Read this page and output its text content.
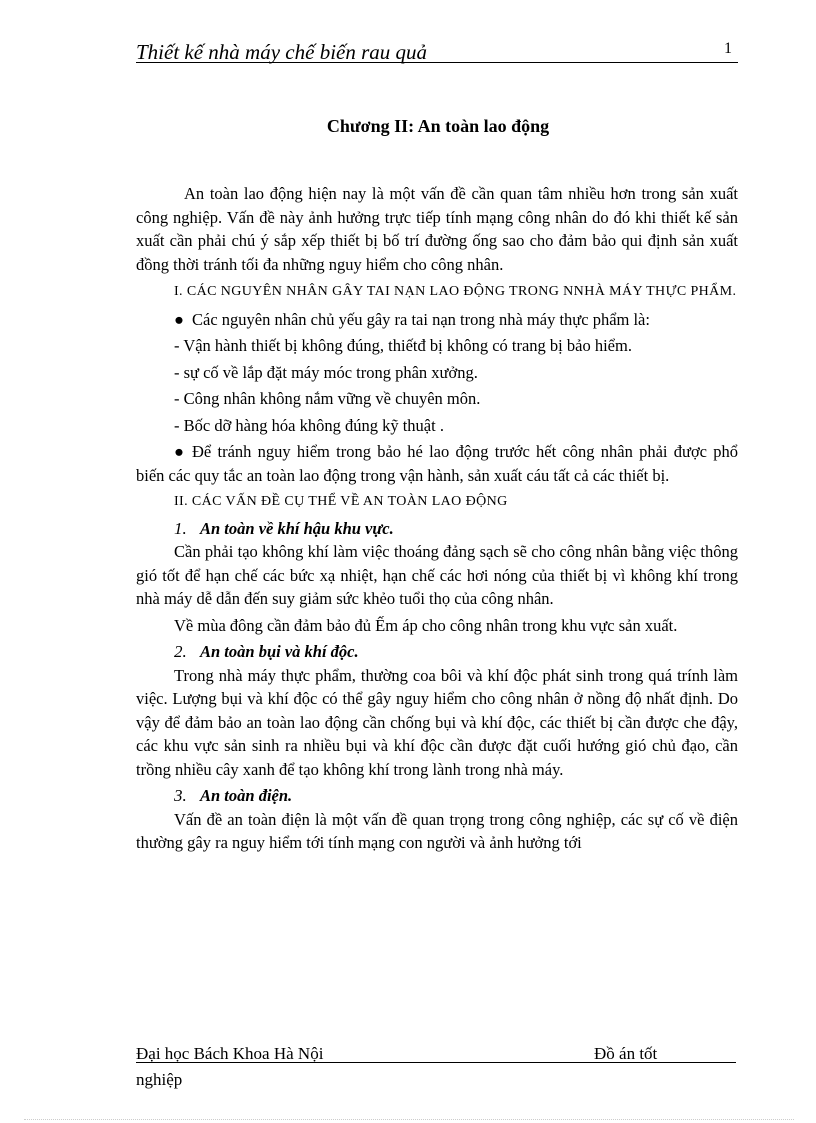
Thiết kế nhà máy chế biến rau quả	1
Chương II: An toàn lao động

An toàn lao động hiện nay là một vấn đề cần quan tâm nhiều hơn trong sản xuất công nghiệp. Vấn đề này ảnh hưởng trực tiếp tính mạng công nhân do đó khi thiết kế sản xuất cần phải chú ý sắp xếp thiết bị bố trí đường ống sao cho đảm bảo qui định sản xuất đồng thời tránh tối đa những nguy hiểm cho công nhân.

I. CÁC NGUYÊN NHÂN GÂY TAI NẠN LAO ĐỘNG TRONG NNHÀ MÁY THỰC PHẨM.

● Các nguyên nhân chủ yếu gây ra tai nạn trong nhà máy thực phẩm là:

- Vận hành thiết bị không đúng, thiếtđ bị không có trang bị bảo hiểm.

- sự cố về lắp đặt máy móc trong phân xưởng.

- Công nhân không nắm vững về chuyên môn.

- Bốc dỡ hàng hóa không đúng kỹ thuật .

● Để tránh nguy hiểm trong bảo hé lao động trước hết công nhân phải được phổ biến các quy tắc an toàn lao động trong vận hành, sản xuất cáu tất cả các thiết bị.

II. CÁC VẤN ĐỀ CỤ THỂ VỀ AN TOÀN LAO ĐỘNG

1. An toàn về khí hậu khu vực.

Cần phải tạo không khí làm việc thoáng đảng sạch sẽ cho công nhân bằng việc thông gió tốt để hạn chế các bức xạ nhiệt, hạn chế các hơi nóng của thiết bị vì không khí trong nhà máy dễ dẫn đến suy giảm sức khẻo tuổi thọ của công nhân.

Về mùa đông cần đảm bảo đủ Ếm áp cho công nhân trong khu vực sản xuất.

2. An toàn bụi và khí độc.

Trong nhà máy thực phẩm, thường coa bôi và khí độc phát sinh trong quá trính làm việc. Lượng bụi và khí độc có thể gây nguy hiểm cho công nhân ở nồng độ nhất định. Do vậy để đảm bảo an toàn lao động cần chống bụi và khí độc, các thiết bị cần được che đậy, các khu vực sản sinh ra nhiều bụi và khí độc cần được đặt cuối hướng gió chủ đạo, cần trồng nhiều cây xanh để tạo không khí trong lành trong nhà máy.

3. An toàn điện.

Vấn đề an toàn điện là một vấn đề quan trọng trong công nghiệp, các sự cố về điện thường gây ra nguy hiểm tới tính mạng con người và ảnh hưởng tới

Đại học Bách Khoa Hà Nội	Đồ án tốt
nghiệp
